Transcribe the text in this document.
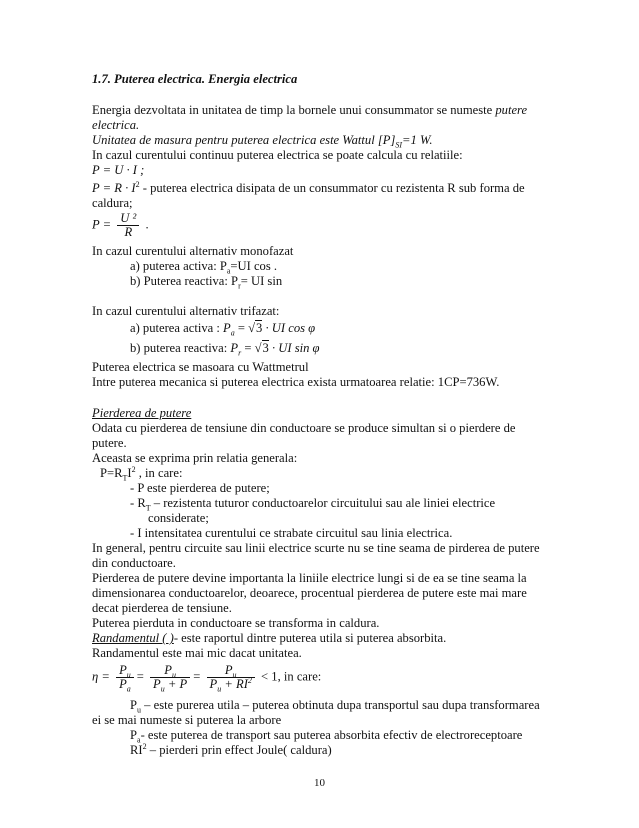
1.7. Puterea electrica. Energia electrica
Energia dezvoltata in unitatea de timp la bornele unui consummator se numeste putere
electrica.
Unitatea de masura pentru puterea electrica este Wattul $[P]_{SI}=1$ W.
In cazul curentului continuu puterea electrica se poate calcula cu relatiile:
P = U · I ;
$P = R \cdot I^2$ - puterea electrica disipata de un consummator cu rezistenta R sub forma de
caldura;
$P = \frac{\text{U ²}}{R}$ .
In cazul curentului alternativ monofazat
a) puterea activa: $P_a=UI$ cos .
b) Puterea reactiva: $P_r=$ UI sin
In cazul curentului alternativ trifazat:
a) puterea activa : $P_a = √3$ · UI cos φ
b) puterea reactiva: $P_r = √3$ · UI sin φ
Puterea electrica se masoara cu Wattmetrul
Intre puterea mecanica si puterea electrica exista urmatoarea relatie: 1CP=736W.
Pierderea de putere
Odata cu pierderea de tensiune din conductoare se produce simultan si o pierdere de
putere.
Aceasta se exprima prin relatia generala:
$P=R_TI^2$ , in care:
- P este pierderea de putere;
- $R_T$ – rezistenta tuturor conductoarelor circuitului sau ale liniei electrice
considerate;
- I intensitatea curentului ce strabate circuitul sau linia electrica.
In general, pentru circuite sau linii electrice scurte nu se tine seama de pirderea de putere
din conductoare.
Pierderea de putere devine importanta la liniile electrice lungi si de ea se tine seama la
dimensionarea conductoarelor, deoarece, procentual pierderea de putere este mai mare
decat pierderea de tensiune.
Puterea pierduta in conductoare se transforma in caldura.
Randamentul ( )- este raportul dintre puterea utila si puterea absorbita.
Randamentul este mai mic dacat unitatea.
$\eta = \frac{P_u}{P_a} = \frac{P_u}{P_u + P} = \frac{P_u}{P_u + RI^2} < 1$, in care:
$P_u$ – este purerea utila – puterea obtinuta dupa transportul sau dupa transformarea
ei se mai numeste si puterea la arbore
$P_a-$ este puterea de transport sau puterea absorbita efectiv de electroreceptoare
$RI^2$ – pierderi prin effect Joule( caldura)
10
